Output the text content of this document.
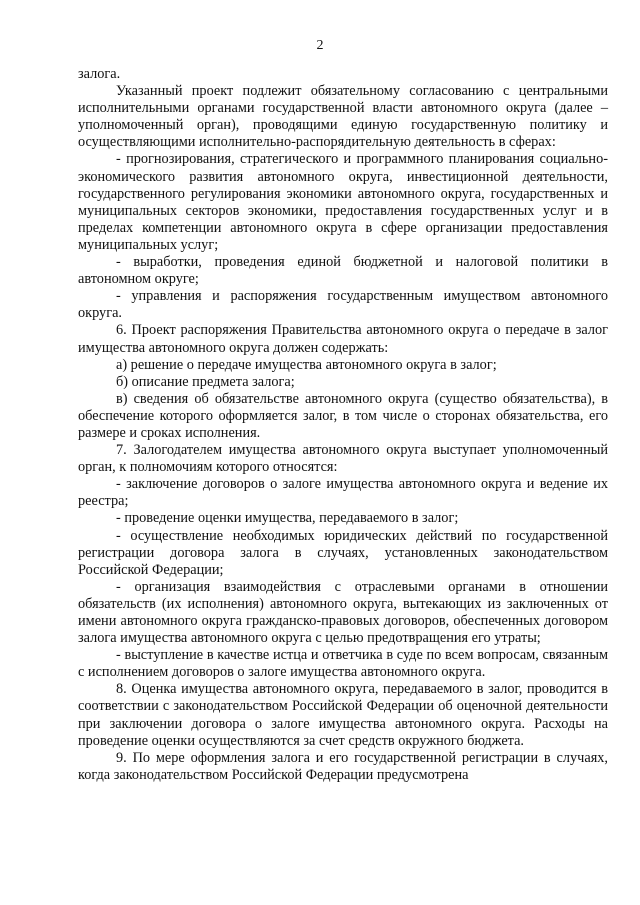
2

залога.

Указанный проект подлежит обязательному согласованию с центральными исполнительными органами государственной власти автономного округа (далее – уполномоченный орган), проводящими единую государственную политику и осуществляющими исполнительно-распорядительную деятельность в сферах:

- прогнозирования, стратегического и программного планирования социально-экономического развития автономного округа, инвестиционной деятельности, государственного регулирования экономики автономного округа, государственных и муниципальных секторов экономики, предоставления государственных услуг и в пределах компетенции автономного округа в сфере организации предоставления муниципальных услуг;

- выработки, проведения единой бюджетной и налоговой политики в автономном округе;

- управления и распоряжения государственным имуществом автономного округа.

6. Проект распоряжения Правительства автономного округа о передаче в залог имущества автономного округа должен содержать:

а) решение о передаче имущества автономного округа в залог;

б) описание предмета залога;

в) сведения об обязательстве автономного округа (существо обязательства), в обеспечение которого оформляется залог, в том числе о сторонах обязательства, его размере и сроках исполнения.

7. Залогодателем имущества автономного округа выступает уполномоченный орган, к полномочиям которого относятся:

- заключение договоров о залоге имущества автономного округа и ведение их реестра;

- проведение оценки имущества, передаваемого в залог;

- осуществление необходимых юридических действий по государственной регистрации договора залога в случаях, установленных законодательством Российской Федерации;

- организация взаимодействия с отраслевыми органами в отношении обязательств (их исполнения) автономного округа, вытекающих из заключенных от имени автономного округа гражданско-правовых договоров, обеспеченных договором залога имущества автономного округа с целью предотвращения его утраты;

- выступление в качестве истца и ответчика в суде по всем вопросам, связанным с исполнением договоров о залоге имущества автономного округа.

8. Оценка имущества автономного округа, передаваемого в залог, проводится в соответствии с законодательством Российской Федерации об оценочной деятельности при заключении договора о залоге имущества автономного округа. Расходы на проведение оценки осуществляются за счет средств окружного бюджета.

9. По мере оформления залога и его государственной регистрации в случаях, когда законодательством Российской Федерации предусмотрена
